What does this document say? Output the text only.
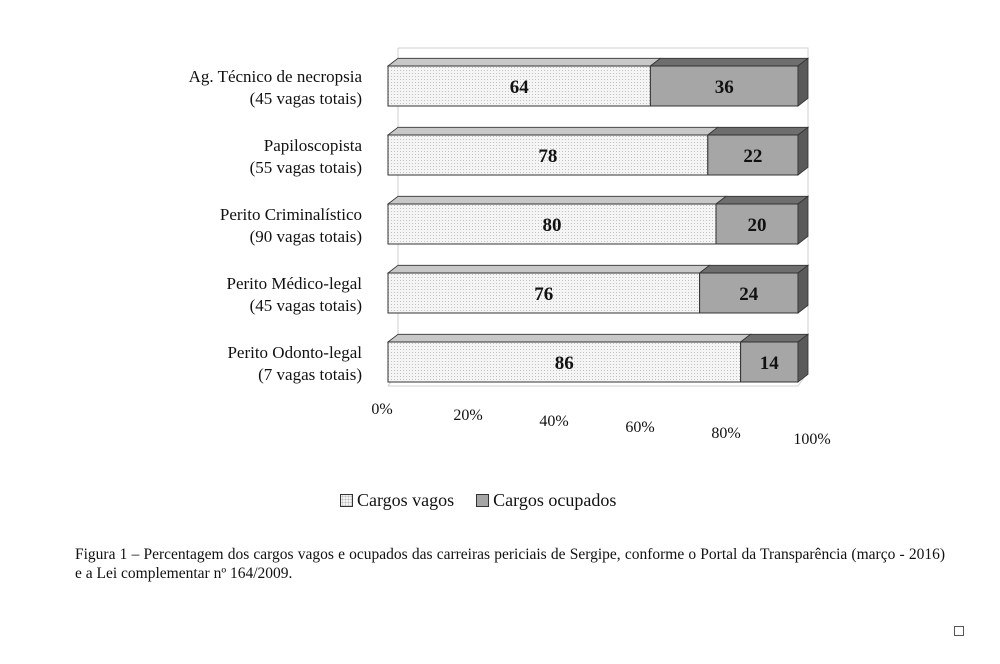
64	36
78	22
80	20
76	24
86	14
Ag. Técnico de necropsia
(45 vagas totais)
Papiloscopista
(55 vagas totais)
Perito Criminalístico
(90 vagas totais)
Perito Médico-legal
(45 vagas totais)
Perito Odonto-legal
(7 vagas totais)
0%	20%	40%	60%	80%	100%
Cargos vagos Cargos ocupados
Figura 1 – Percentagem dos cargos vagos e ocupados das carreiras periciais de Sergipe, conforme o Portal da Transparência (março - 2016) e a Lei complementar nº 164/2009.
